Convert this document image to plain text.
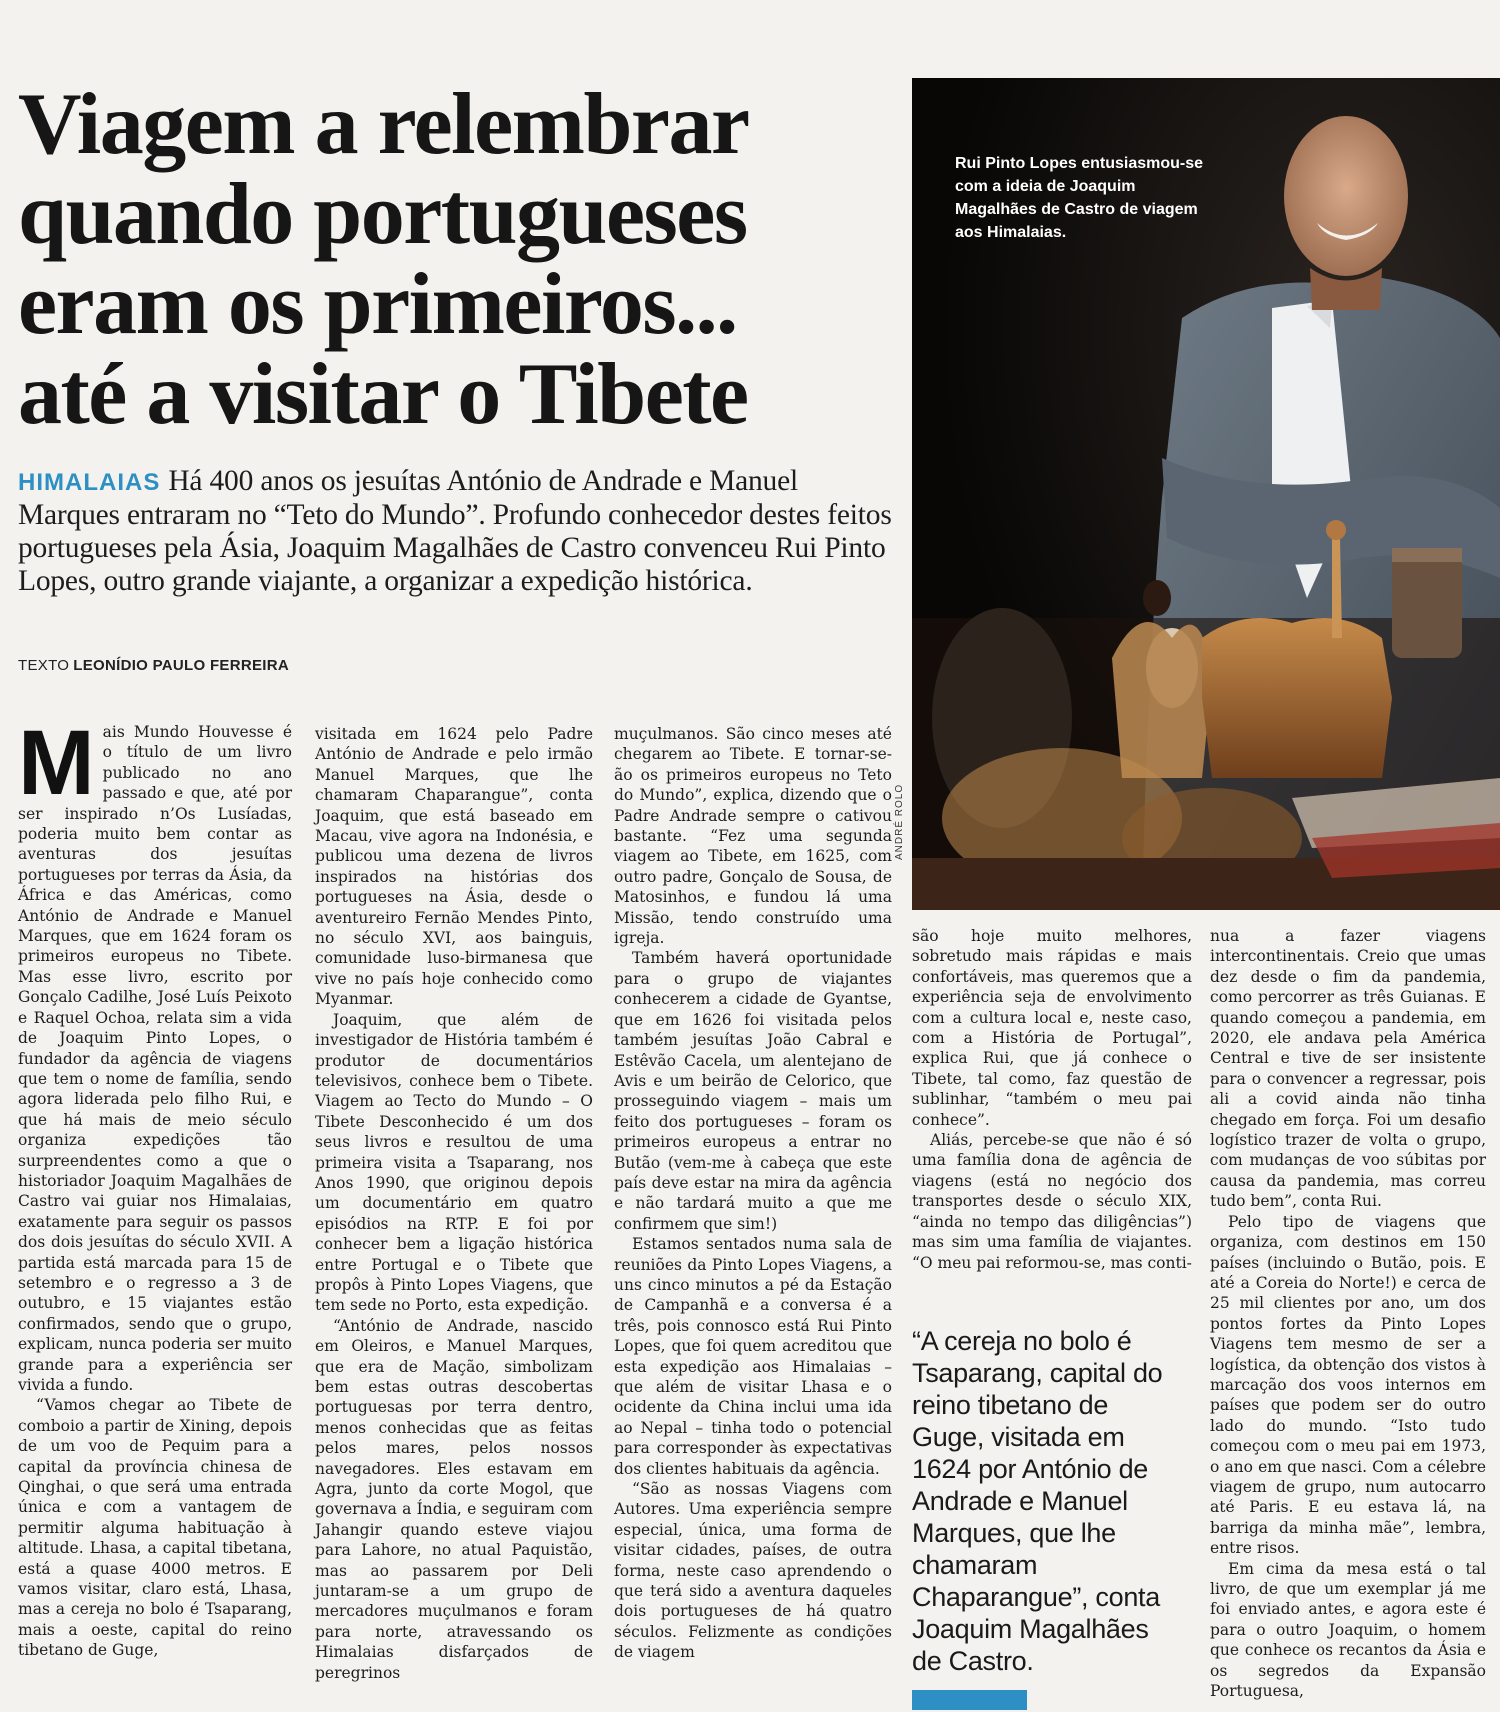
Viagem a relembrar
quando portugueses
eram os primeiros...
até a visitar o Tibete

HIMALAIAS Há 400 anos os jesuítas António de Andrade e Manuel Marques entraram no “Teto do Mundo”. Profundo conhecedor destes feitos portugueses pela Ásia, Joaquim Magalhães de Castro convenceu Rui Pinto Lopes, outro grande viajante, a organizar a expedição histórica.

TEXTO LEONÍDIO PAULO FERREIRA
M ais Mundo Houvesse é o título de um livro publicado no ano passado e que, até por ser inspirado n’Os Lusíadas, poderia muito bem contar as aventuras dos jesuítas portugueses por terras da Ásia, da África e das Américas, como António de Andrade e Manuel Marques, que em 1624 foram os primeiros europeus no Tibete. Mas esse livro, escrito por Gonçalo Cadilhe, José Luís Peixoto e Raquel Ochoa, relata sim a vida de Joaquim Pinto Lopes, o fundador da agência de viagens que tem o nome de família, sendo agora liderada pelo filho Rui, e que há mais de meio século organiza expedições tão surpreendentes como a que o historiador Joaquim Magalhães de Castro vai guiar nos Himalaias, exatamente para seguir os passos dos dois jesuítas do século XVII. A partida está marcada para 15 de setembro e o regresso a 3 de outubro, e 15 viajantes estão confirmados, sendo que o grupo, explicam, nunca poderia ser muito grande para a experiência ser vivida a fundo.

“Vamos chegar ao Tibete de comboio a partir de Xining, depois de um voo de Pequim para a capital da província chinesa de Qinghai, o que será uma entrada única e com a vantagem de permitir alguma habituação à altitude. Lhasa, a capital tibetana, está a quase 4000 metros. E vamos visitar, claro está, Lhasa, mas a cereja no bolo é Tsaparang, mais a oeste, capital do reino tibetano de Guge,

visitada em 1624 pelo Padre António de Andrade e pelo irmão Manuel Marques, que lhe chamaram Chaparangue”, conta Joaquim, que está baseado em Macau, vive agora na Indonésia, e publicou uma dezena de livros inspirados na histórias dos portugueses na Ásia, desde o aventureiro Fernão Mendes Pinto, no século XVI, aos bainguis, comunidade luso-birmanesa que vive no país hoje conhecido como Myanmar.

Joaquim, que além de investigador de História também é produtor de documentários televisivos, conhece bem o Tibete. Viagem ao Tecto do Mundo – O Tibete Desconhecido é um dos seus livros e resultou de uma primeira visita a Tsaparang, nos Anos 1990, que originou depois um documentário em quatro episódios na RTP. E foi por conhecer bem a ligação histórica entre Portugal e o Tibete que propôs à Pinto Lopes Viagens, que tem sede no Porto, esta expedição.

“António de Andrade, nascido em Oleiros, e Manuel Marques, que era de Mação, simbolizam bem estas outras descobertas portuguesas por terra dentro, menos conhecidas que as feitas pelos mares, pelos nossos navegadores. Eles estavam em Agra, junto da corte Mogol, que governava a Índia, e seguiram com Jahangir quando esteve viajou para Lahore, no atual Paquistão, mas ao passarem por Deli juntaram-se a um grupo de mercadores muçulmanos e foram para norte, atravessando os Himalaias disfarçados de peregrinos

muçulmanos. São cinco meses até chegarem ao Tibete. E tornar-se-ão os primeiros europeus no Teto do Mundo”, explica, dizendo que o Padre Andrade sempre o cativou bastante. “Fez uma segunda viagem ao Tibete, em 1625, com outro padre, Gonçalo de Sousa, de Matosinhos, e fundou lá uma Missão, tendo construído uma igreja.

Também haverá oportunidade para o grupo de viajantes conhecerem a cidade de Gyantse, que em 1626 foi visitada pelos também jesuítas João Cabral e Estêvão Cacela, um alentejano de Avis e um beirão de Celorico, que prosseguindo viagem – mais um feito dos portugueses – foram os primeiros europeus a entrar no Butão (vem-me à cabeça que este país deve estar na mira da agência e não tardará muito a que me confirmem que sim!)

Estamos sentados numa sala de reuniões da Pinto Lopes Viagens, a uns cinco minutos a pé da Estação de Campanhã e a conversa é a três, pois connosco está Rui Pinto Lopes, que foi quem acreditou que esta expedição aos Himalaias – que além de visitar Lhasa e o ocidente da China inclui uma ida ao Nepal – tinha todo o potencial para corresponder às expectativas dos clientes habituais da agência.

“São as nossas Viagens com Autores. Uma experiência sempre especial, única, uma forma de visitar cidades, países, de outra forma, neste caso aprendendo o que terá sido a aventura daqueles dois portugueses de há quatro séculos. Felizmente as condições de viagem

Rui Pinto Lopes entusiasmou-se com a ideia de Joaquim Magalhães de Castro de viagem aos Himalaias.

ANDRÉ ROLO

são hoje muito melhores, sobretudo mais rápidas e mais confortáveis, mas queremos que a experiência seja de envolvimento com a cultura local e, neste caso, com a História de Portugal”, explica Rui, que já conhece o Tibete, tal como, faz questão de sublinhar, “também o meu pai conhece”.

Aliás, percebe-se que não é só uma família dona de agência de viagens (está no negócio dos transportes desde o século XIX, “ainda no tempo das diligências”) mas sim uma família de viajantes. “O meu pai reformou-se, mas conti-

“A cereja no bolo é Tsaparang, capital do reino tibetano de Guge, visitada em 1624 por António de Andrade e Manuel Marques, que lhe chamaram Chaparangue”, conta Joaquim Magalhães de Castro.

nua a fazer viagens intercontinentais. Creio que umas dez desde o fim da pandemia, como percorrer as três Guianas. E quando começou a pandemia, em 2020, ele andava pela América Central e tive de ser insistente para o convencer a regressar, pois ali a covid ainda não tinha chegado em força. Foi um desafio logístico trazer de volta o grupo, com mudanças de voo súbitas por causa da pandemia, mas correu tudo bem”, conta Rui.

Pelo tipo de viagens que organiza, com destinos em 150 países (incluindo o Butão, pois. E até a Coreia do Norte!) e cerca de 25 mil clientes por ano, um dos pontos fortes da Pinto Lopes Viagens tem mesmo de ser a logística, da obtenção dos vistos à marcação dos voos internos em países que podem ser do outro lado do mundo. “Isto tudo começou com o meu pai em 1973, o ano em que nasci. Com a célebre viagem de grupo, num autocarro até Paris. E eu estava lá, na barriga da minha mãe”, lembra, entre risos.

Em cima da mesa está o tal livro, de que um exemplar já me foi enviado antes, e agora este é para o outro Joaquim, o homem que conhece os recantos da Ásia e os segredos da Expansão Portuguesa,
